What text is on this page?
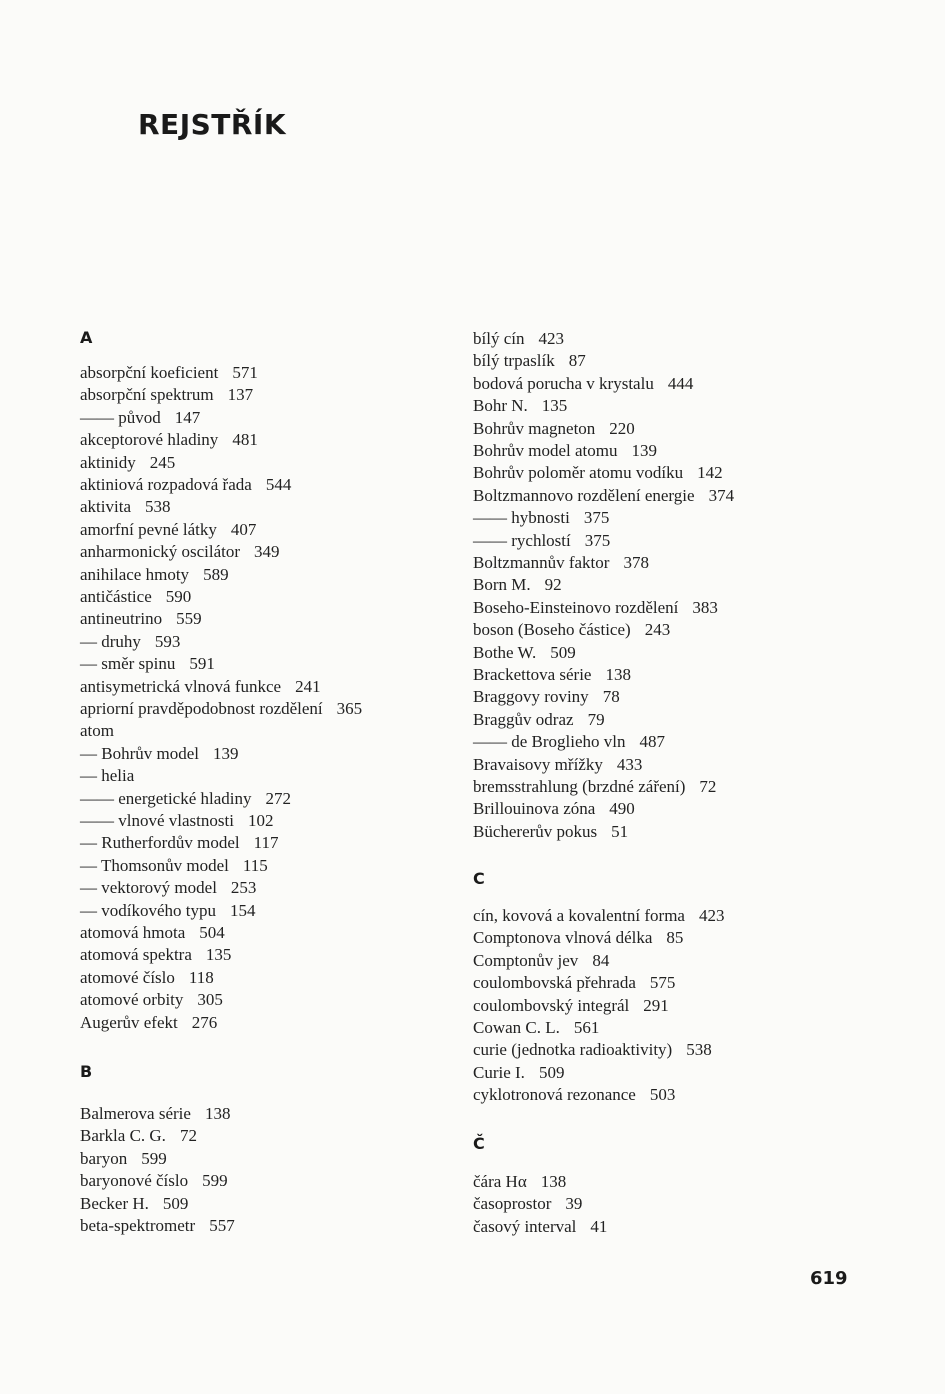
REJSTŘÍK
A
absorpční koeficient 571
absorpční spektrum 137
—— původ 147
akceptorové hladiny 481
aktinidy 245
aktiniová rozpadová řada 544
aktivita 538
amorfní pevné látky 407
anharmonický oscilátor 349
anihilace hmoty 589
antičástice 590
antineutrino 559
— druhy 593
— směr spinu 591
antisymetrická vlnová funkce 241
apriorní pravděpodobnost rozdělení 365
atom
— Bohrův model 139
— helia
—— energetické hladiny 272
—— vlnové vlastnosti 102
— Rutherfordův model 117
— Thomsonův model 115
— vektorový model 253
— vodíkového typu 154
atomová hmota 504
atomová spektra 135
atomové číslo 118
atomové orbity 305
Augerův efekt 276
B
Balmerova série 138
Barkla C. G. 72
baryon 599
baryonové číslo 599
Becker H. 509
beta-spektrometr 557
bílý cín 423
bílý trpaslík 87
bodová porucha v krystalu 444
Bohr N. 135
Bohrův magneton 220
Bohrův model atomu 139
Bohrův poloměr atomu vodíku 142
Boltzmannovo rozdělení energie 374
—— hybnosti 375
—— rychlostí 375
Boltzmannův faktor 378
Born M. 92
Boseho-Einsteinovo rozdělení 383
boson (Boseho částice) 243
Bothe W. 509
Brackettova série 138
Braggovy roviny 78
Braggův odraz 79
—— de Broglieho vln 487
Bravaisovy mřížky 433
bremsstrahlung (brzdné záření) 72
Brillouinova zóna 490
Büchererův pokus 51
C
cín, kovová a kovalentní forma 423
Comptonova vlnová délka 85
Comptonův jev 84
coulombovská přehrada 575
coulombovský integrál 291
Cowan C. L. 561
curie (jednotka radioaktivity) 538
Curie I. 509
cyklotronová rezonance 503
Č
čára Hα 138
časoprostor 39
časový interval 41
619
